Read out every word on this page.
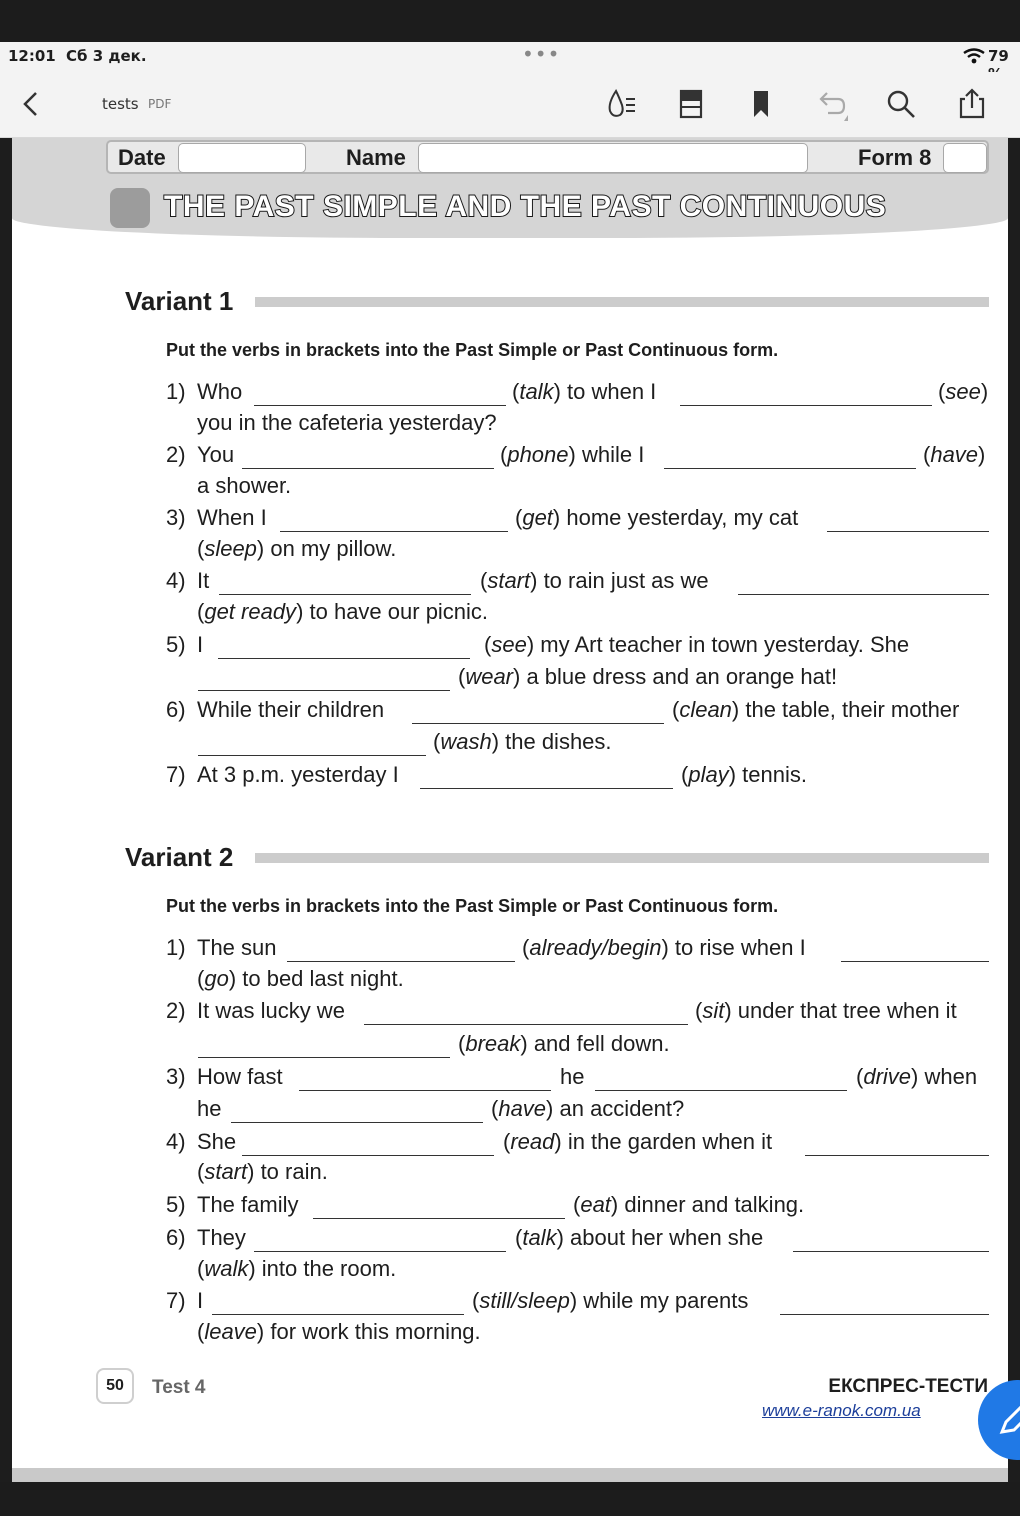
12:01 Сб 3 дек.	•••	79
tests PDF
Date	Name	Form 8
THE PAST SIMPLE AND THE PAST CONTINUOUS
Variant 1
Put the verbs in brackets into the Past Simple or Past Continuous form.
1) Who	(talk) to when I	(see)
you in the cafeteria yesterday?
2) You	(phone) while I	(have)
a shower.
3) When I	(get) home yesterday, my cat
(sleep) on my pillow.
4) It	(start) to rain just as we
(get ready) to have our picnic.
5) I	(see) my Art teacher in town yesterday. She
(wear) a blue dress and an orange hat!
6) While their children	(clean) the table, their mother
(wash) the dishes.
7) At 3 p.m. yesterday I	(play) tennis.
Variant 2
Put the verbs in brackets into the Past Simple or Past Continuous form.
1) The sun	(already/begin) to rise when I
(go) to bed last night.
2) It was lucky we	(sit) under that tree when it
(break) and fell down.
3) How fast	he	(drive) when
he	(have) an accident?
4) She	(read) in the garden when it
(start) to rain.
5) The family	(eat) dinner and talking.
6) They	(talk) about her when she
(walk) into the room.
7) I	(still/sleep) while my parents
(leave) for work this morning.
50	Test 4	ЕКСПРЕС-ТЕСТИ
www.e-ranok.com.ua
